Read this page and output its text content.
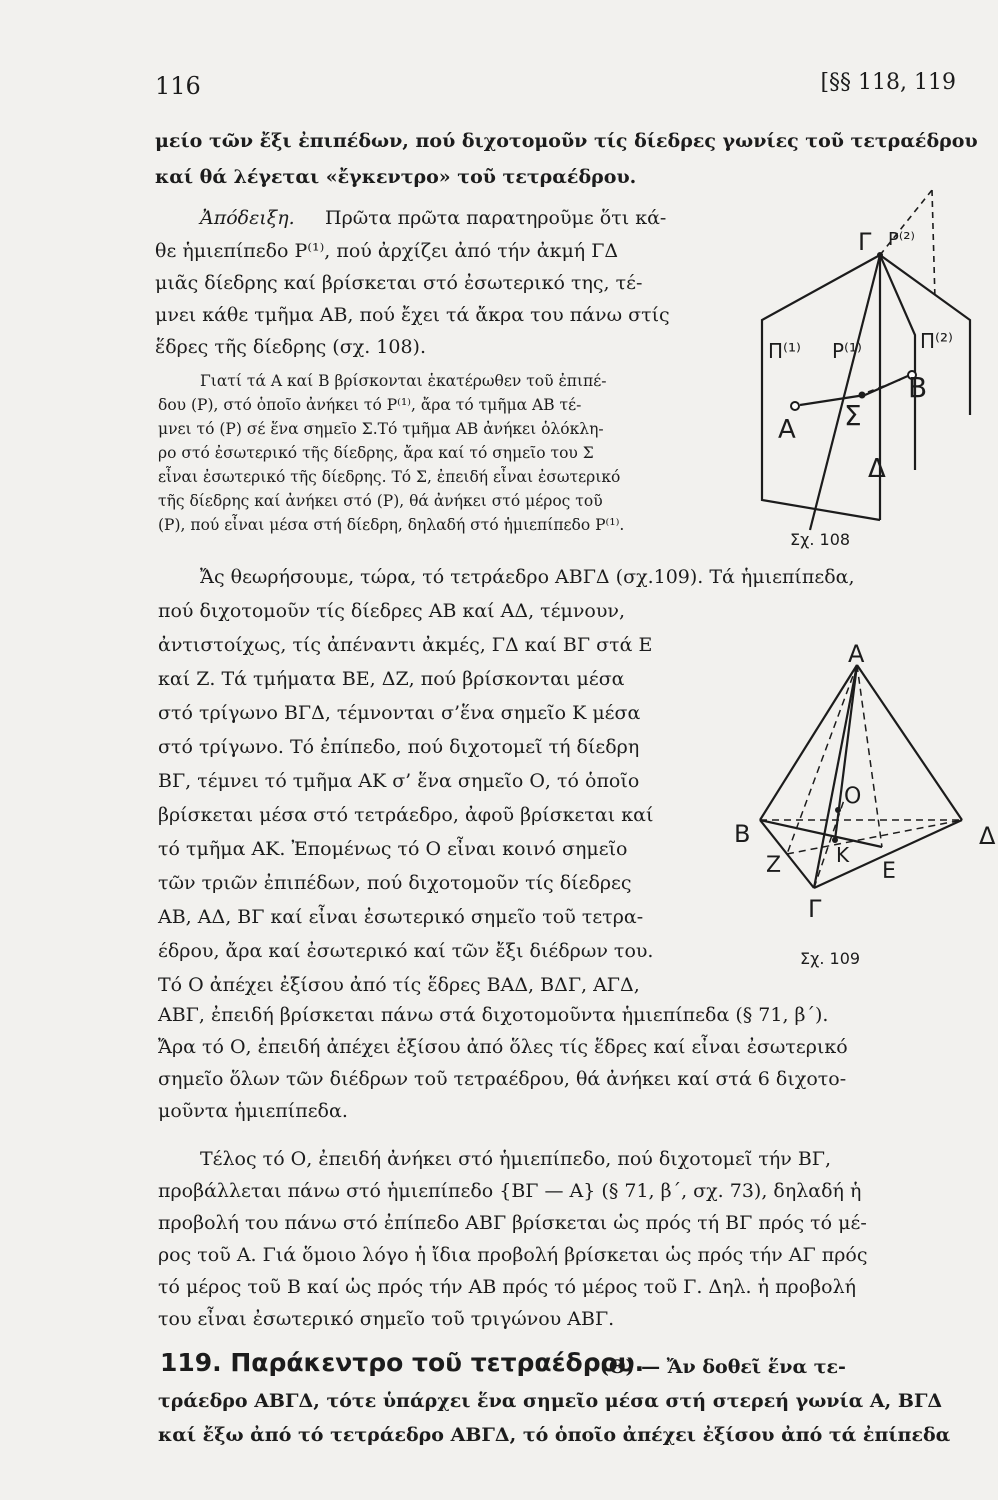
116	[§§ 118, 119
μείο τῶν ἔξι ἐπιπέδων, πού διχοτομοῦν τίς δίεδρες γωνίες τοῦ τετραέδρου
καί θά λέγεται «ἔγκεντρο» τοῦ τετραέδρου.
Ἀπόδειξη. Πρῶτα πρῶτα παρατηροῦμε ὅτι κά-
θε ἡμιεπίπεδο P⁽¹⁾, πού ἀρχίζει ἀπό τήν ἀκμή ΓΔ
μιᾶς δίεδρης καί βρίσκεται στό ἐσωτερικό της, τέ-
μνει κάθε τμῆμα ΑΒ, πού ἔχει τά ἄκρα του πάνω στίς
ἕδρες τῆς δίεδρης (σχ. 108).
Γιατί τά Α καί Β βρίσκονται ἑκατέρωθεν τοῦ ἐπιπέ-
δου (P), στό ὁποῖο ἀνήκει τό P⁽¹⁾, ἄρα τό τμῆμα ΑΒ τέ-
μνει τό (P) σέ ἕνα σημεῖο Σ.Τό τμῆμα ΑΒ ἀνήκει ὁλόκλη-
ρο στό ἐσωτερικό τῆς δίεδρης, ἄρα καί τό σημεῖο του Σ
εἶναι ἐσωτερικό τῆς δίεδρης. Τό Σ, ἐπειδή εἶναι ἐσωτερικό
τῆς δίεδρης καί ἀνήκει στό (P), θά ἀνήκει στό μέρος τοῦ
(P), πού εἶναι μέσα στή δίεδρη, δηλαδή στό ἡμιεπίπεδο P⁽¹⁾.
Ἄς θεωρήσουμε, τώρα, τό τετράεδρο ΑΒΓΔ (σχ.109). Τά ἡμιεπίπεδα,
πού διχοτομοῦν τίς δίεδρες ΑΒ καί ΑΔ, τέμνουν,
ἀντιστοίχως, τίς ἀπέναντι ἀκμές, ΓΔ καί ΒΓ στά Ε
καί Ζ. Τά τμήματα ΒΕ, ΔΖ, πού βρίσκονται μέσα
στό τρίγωνο ΒΓΔ, τέμνονται σ’ἕνα σημεῖο Κ μέσα
στό τρίγωνο. Τό ἐπίπεδο, πού διχοτομεῖ τή δίεδρη
ΒΓ, τέμνει τό τμῆμα ΑΚ σ’ ἕνα σημεῖο Ο, τό ὁποῖο
βρίσκεται μέσα στό τετράεδρο, ἀφοῦ βρίσκεται καί
τό τμῆμα ΑΚ. Ἐπομένως τό Ο εἶναι κοινό σημεῖο
τῶν τριῶν ἐπιπέδων, πού διχοτομοῦν τίς δίεδρες
ΑΒ, ΑΔ, ΒΓ καί εἶναι ἐσωτερικό σημεῖο τοῦ τετρα-
έδρου, ἄρα καί ἐσωτερικό καί τῶν ἔξι διέδρων του.
Τό Ο ἀπέχει ἐξίσου ἀπό τίς ἕδρες ΒΑΔ, ΒΔΓ, ΑΓΔ,
ΑΒΓ, ἐπειδή βρίσκεται πάνω στά διχοτομοῦντα ἡμιεπίπεδα (§ 71, β΄).
Ἄρα τό Ο, ἐπειδή ἀπέχει ἐξίσου ἀπό ὅλες τίς ἕδρες καί εἶναι ἐσωτερικό
σημεῖο ὅλων τῶν διέδρων τοῦ τετραέδρου, θά ἀνήκει καί στά 6 διχοτο-
μοῦντα ἡμιεπίπεδα.
Τέλος τό Ο, ἐπειδή ἀνήκει στό ἡμιεπίπεδο, πού διχοτομεῖ τήν ΒΓ,
προβάλλεται πάνω στό ἡμιεπίπεδο {ΒΓ — Α} (§ 71, β΄, σχ. 73), δηλαδή ἡ
προβολή του πάνω στό ἐπίπεδο ΑΒΓ βρίσκεται ὡς πρός τή ΒΓ πρός τό μέ-
ρος τοῦ Α. Γιά ὅμοιο λόγο ἡ ἴδια προβολή βρίσκεται ὡς πρός τήν ΑΓ πρός
τό μέρος τοῦ Β καί ὡς πρός τήν ΑΒ πρός τό μέρος τοῦ Γ. Δηλ. ἡ προβολή
του εἶναι ἐσωτερικό σημεῖο τοῦ τριγώνου ΑΒΓ.
119. Παράκεντρο τοῦ τετραέδρου.
(Θ) — Ἄν δοθεῖ ἕνα τε-
τράεδρο ΑΒΓΔ, τότε ὑπάρχει ἕνα σημεῖο μέσα στή στερεή γωνία Α, ΒΓΔ
καί ἔξω ἀπό τό τετράεδρο ΑΒΓΔ, τό ὁποῖο ἀπέχει ἐξίσου ἀπό τά ἐπίπεδα
Γ P⁽²⁾
Π⁽¹⁾ P⁽¹⁾	Π⁽²⁾
Β
Σ
Α
Δ
Σχ. 108
Α
Ο
Β	Δ
Ζ	Κ
Ε
Γ
Σχ. 109
